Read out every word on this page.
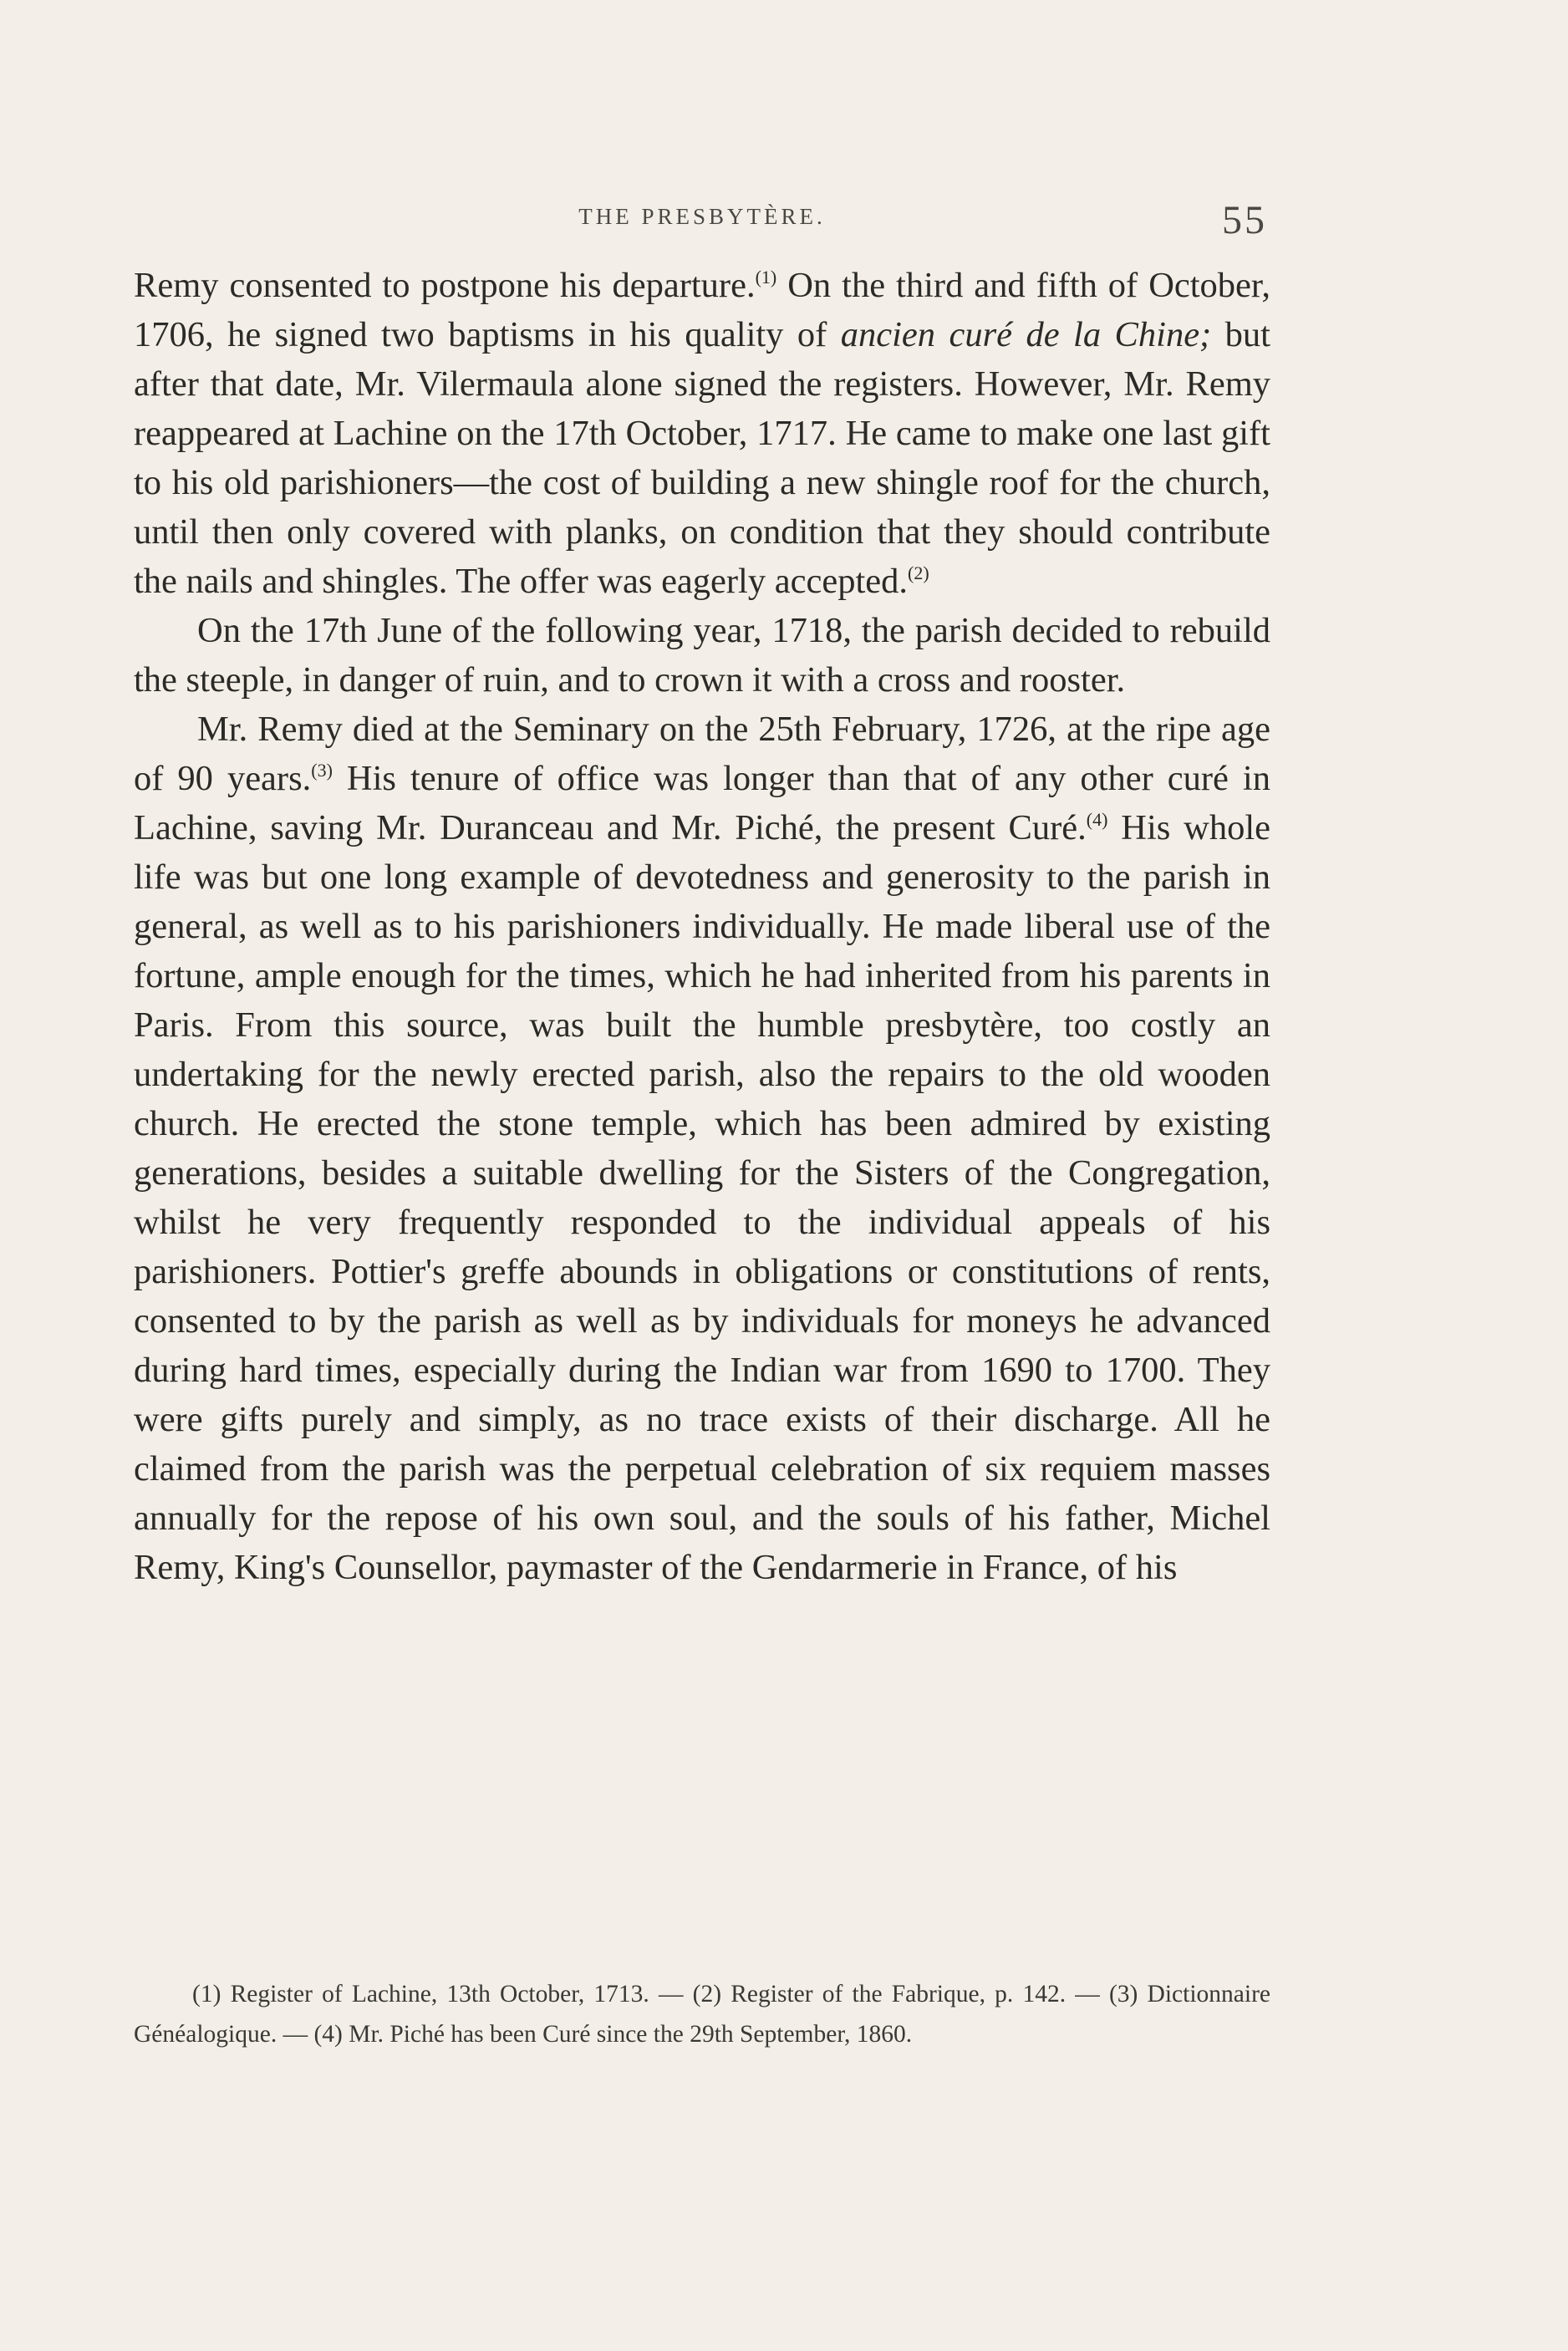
THE PRESBYTÈRE.	55

Remy consented to postpone his departure.$^{(1)}$ On the third and fifth of October, 1706, he signed two baptisms in his quality of ancien curé de la Chine; but after that date, Mr. Vilermaula alone signed the registers. However, Mr. Remy reappeared at Lachine on the 17th October, 1717. He came to make one last gift to his old parishioners—the cost of building a new shingle roof for the church, until then only covered with planks, on condition that they should contribute the nails and shingles. The offer was eagerly accepted.$^{(2)}$

On the 17th June of the following year, 1718, the parish decided to rebuild the steeple, in danger of ruin, and to crown it with a cross and rooster.

Mr. Remy died at the Seminary on the 25th February, 1726, at the ripe age of 90 years.$^{(3)}$ His tenure of office was longer than that of any other curé in Lachine, saving Mr. Duranceau and Mr. Piché, the present Curé.$^{(4)}$ His whole life was but one long example of devotedness and generosity to the parish in general, as well as to his parishioners individually. He made liberal use of the fortune, ample enough for the times, which he had inherited from his parents in Paris. From this source, was built the humble presbytère, too costly an undertaking for the newly erected parish, also the repairs to the old wooden church. He erected the stone temple, which has been admired by existing generations, besides a suitable dwelling for the Sisters of the Congregation, whilst he very frequently responded to the individual appeals of his parishioners. Pottier's greffe abounds in obligations or constitutions of rents, consented to by the parish as well as by individuals for moneys he advanced during hard times, especially during the Indian war from 1690 to 1700. They were gifts purely and simply, as no trace exists of their discharge. All he claimed from the parish was the perpetual celebration of six requiem masses annually for the repose of his own soul, and the souls of his father, Michel Remy, King's Counsellor, paymaster of the Gendarmerie in France, of his

(1) Register of Lachine, 13th October, 1713. — (2) Register of the Fabrique, p. 142. — (3) Dictionnaire Généalogique. — (4) Mr. Piché has been Curé since the 29th September, 1860.
